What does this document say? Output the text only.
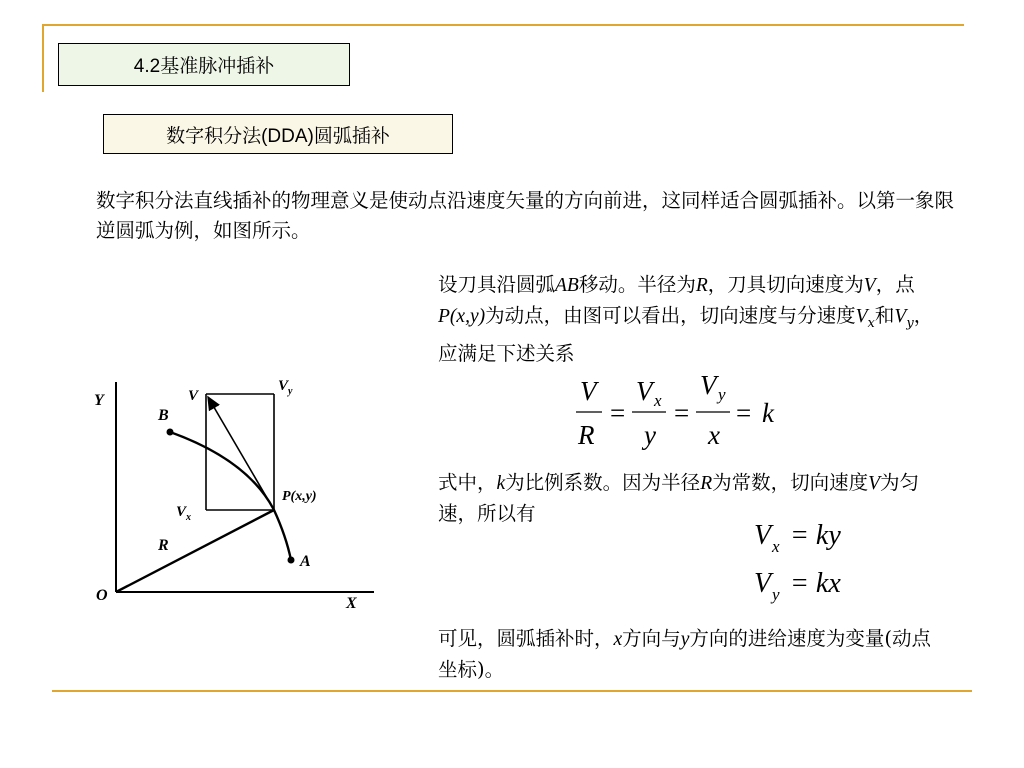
4.2基准脉冲插补
数字积分法(DDA)圆弧插补

数字积分法直线插补的物理意义是使动点沿速度矢量的方向前进，这同样适合圆弧插补。以第一象限逆圆弧为例，如图所示。

设刀具沿圆弧AB移动。半径为R，刀具切向速度为V，点P(x,y)为动点，由图可以看出，切向速度与分速度$V_x$和$V_y$，应满足下述关系

V
R
=
V x
y
=
V y
x
= k

式中，k为比例系数。因为半径R为常数，切向速度V为匀速，所以有

V x = ky
V y = kx

可见，圆弧插补时，x方向与y方向的进给速度为变量(动点坐标)。

Y
X
O
B
A
R
V
$V_y$
$V_x$
P(x,y)
